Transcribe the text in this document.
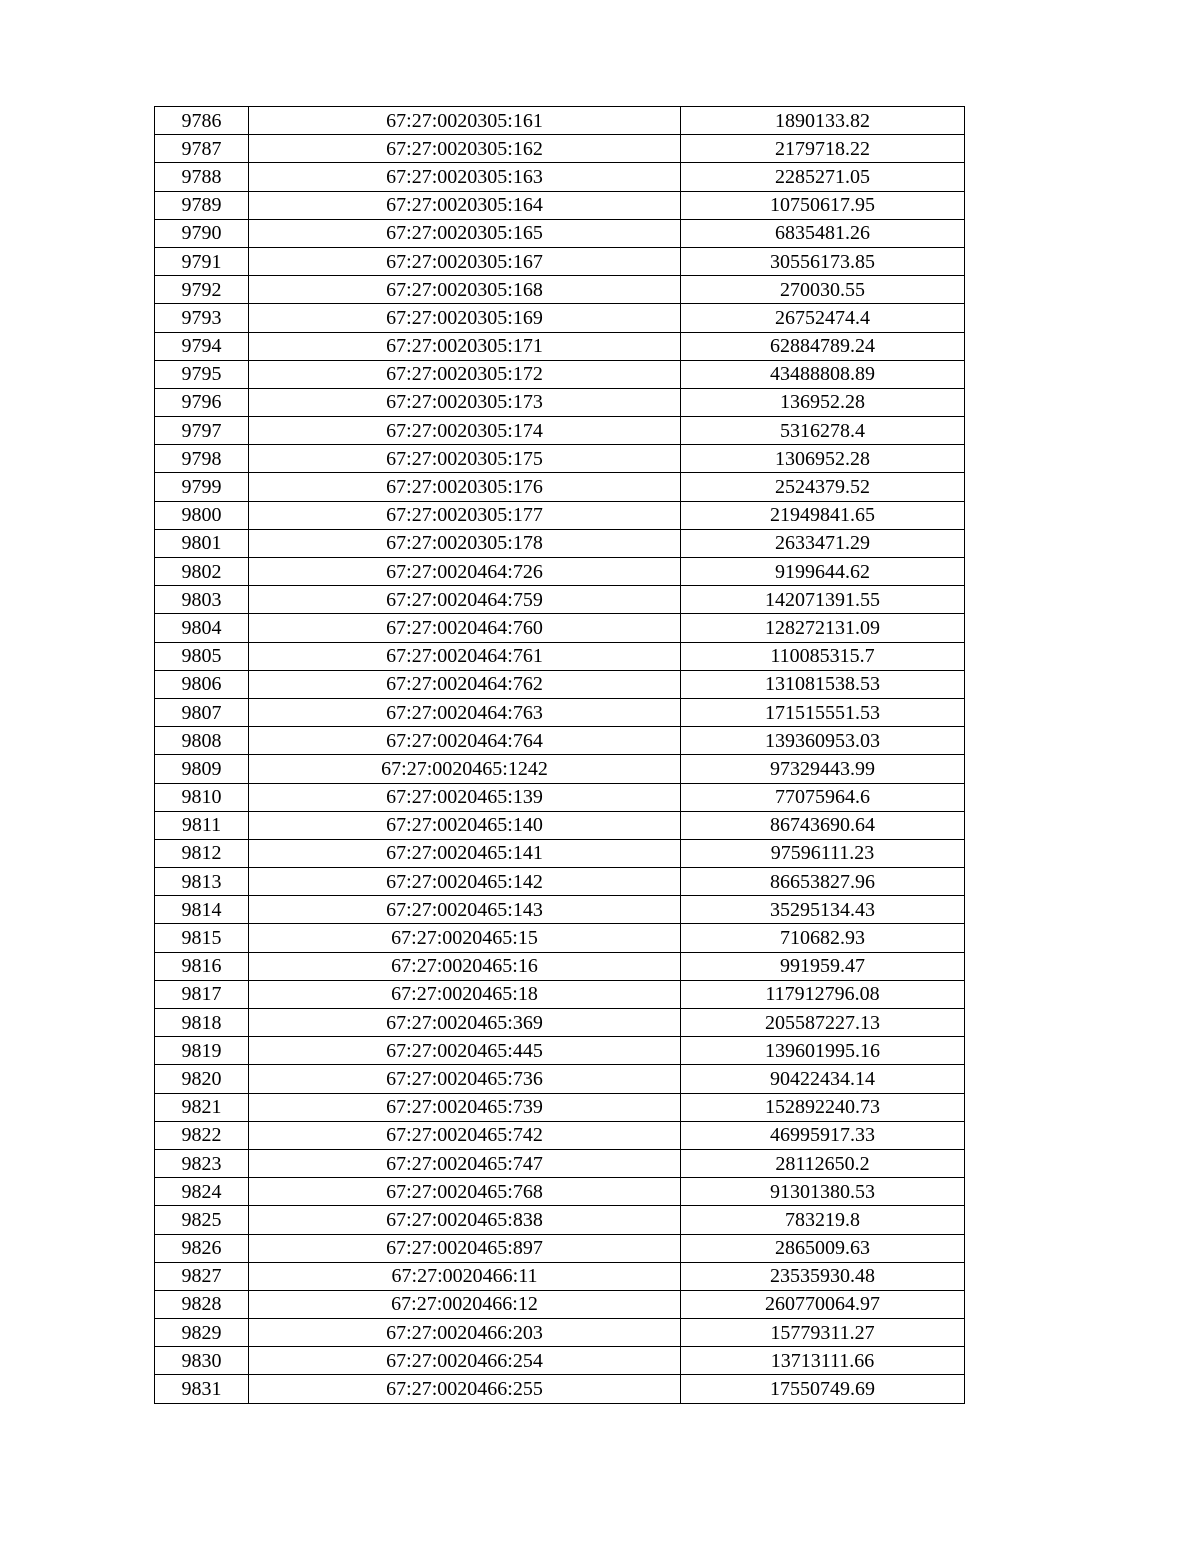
9786	67:27:0020305:161	1890133.82
9787	67:27:0020305:162	2179718.22
9788	67:27:0020305:163	2285271.05
9789	67:27:0020305:164	10750617.95
9790	67:27:0020305:165	6835481.26
9791	67:27:0020305:167	30556173.85
9792	67:27:0020305:168	270030.55
9793	67:27:0020305:169	26752474.4
9794	67:27:0020305:171	62884789.24
9795	67:27:0020305:172	43488808.89
9796	67:27:0020305:173	136952.28
9797	67:27:0020305:174	5316278.4
9798	67:27:0020305:175	1306952.28
9799	67:27:0020305:176	2524379.52
9800	67:27:0020305:177	21949841.65
9801	67:27:0020305:178	2633471.29
9802	67:27:0020464:726	9199644.62
9803	67:27:0020464:759	142071391.55
9804	67:27:0020464:760	128272131.09
9805	67:27:0020464:761	110085315.7
9806	67:27:0020464:762	131081538.53
9807	67:27:0020464:763	171515551.53
9808	67:27:0020464:764	139360953.03
9809	67:27:0020465:1242	97329443.99
9810	67:27:0020465:139	77075964.6
9811	67:27:0020465:140	86743690.64
9812	67:27:0020465:141	97596111.23
9813	67:27:0020465:142	86653827.96
9814	67:27:0020465:143	35295134.43
9815	67:27:0020465:15	710682.93
9816	67:27:0020465:16	991959.47
9817	67:27:0020465:18	117912796.08
9818	67:27:0020465:369	205587227.13
9819	67:27:0020465:445	139601995.16
9820	67:27:0020465:736	90422434.14
9821	67:27:0020465:739	152892240.73
9822	67:27:0020465:742	46995917.33
9823	67:27:0020465:747	28112650.2
9824	67:27:0020465:768	91301380.53
9825	67:27:0020465:838	783219.8
9826	67:27:0020465:897	2865009.63
9827	67:27:0020466:11	23535930.48
9828	67:27:0020466:12	260770064.97
9829	67:27:0020466:203	15779311.27
9830	67:27:0020466:254	13713111.66
9831	67:27:0020466:255	17550749.69
